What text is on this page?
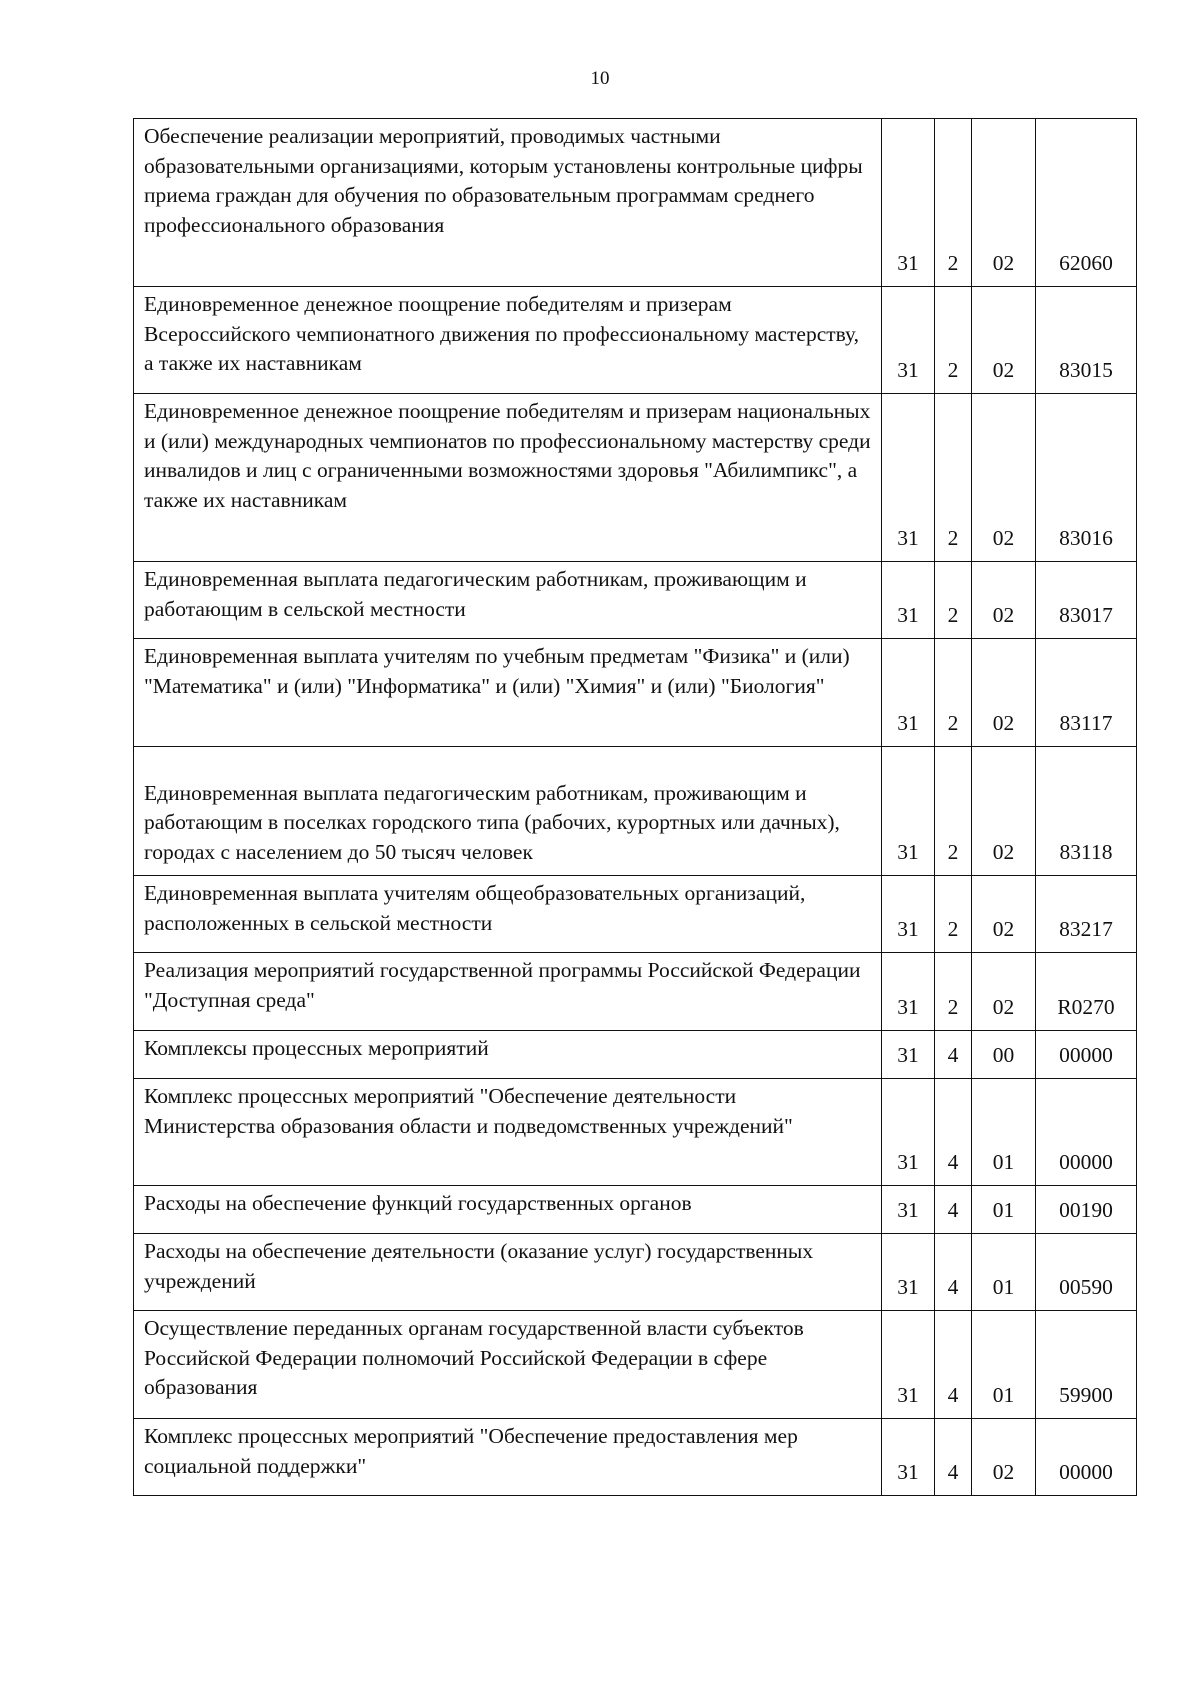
10
Обеспечение реализации мероприятий, проводимых частными образовательными организациями, которым установлены контрольные цифры приема граждан для обучения по образовательным программам среднего профессионального образования	31	2	02	62060
Единовременное денежное поощрение победителям и призерам Всероссийского чемпионатного движения по профессиональному мастерству, а также их наставникам	31	2	02	83015
Единовременное денежное поощрение победителям и призерам национальных и (или) международных чемпионатов по профессиональному мастерству среди инвалидов и лиц с ограниченными возможностями здоровья "Абилимпикс", а также их наставникам	31	2	02	83016
Единовременная выплата педагогическим работникам, проживающим и работающим в сельской местности	31	2	02	83017
Единовременная выплата учителям по учебным предметам "Физика" и (или) "Математика" и (или) "Информатика" и (или) "Химия" и (или) "Биология"	31	2	02	83117
Единовременная выплата педагогическим работникам, проживающим и работающим в поселках городского типа (рабочих, курортных или дачных), городах с населением до 50 тысяч человек	31	2	02	83118
Единовременная выплата учителям общеобразовательных организаций, расположенных в сельской местности	31	2	02	83217
Реализация мероприятий государственной программы Российской Федерации "Доступная среда"	31	2	02	R0270
Комплексы процессных мероприятий	31	4	00	00000
Комплекс процессных мероприятий "Обеспечение деятельности Министерства образования области и подведомственных учреждений"	31	4	01	00000
Расходы на обеспечение функций государственных органов	31	4	01	00190
Расходы на обеспечение деятельности (оказание услуг) государственных учреждений	31	4	01	00590
Осуществление переданных органам государственной власти субъектов Российской Федерации полномочий Российской Федерации в сфере образования	31	4	01	59900
Комплекс процессных мероприятий "Обеспечение предоставления мер социальной поддержки"	31	4	02	00000
